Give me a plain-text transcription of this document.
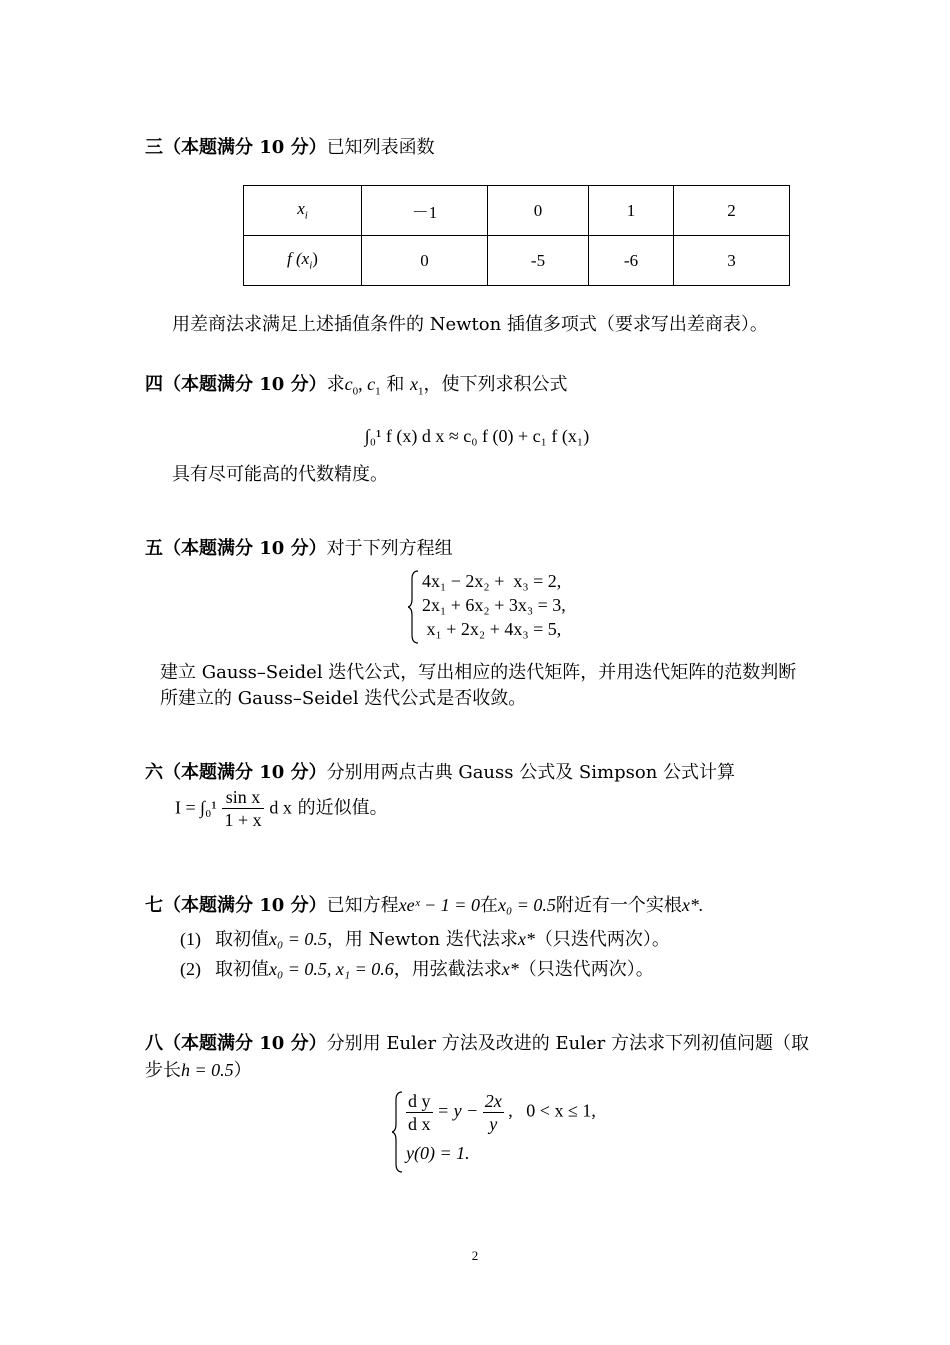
三（本题满分 10 分）已知列表函数
$x_i$	－1	0	1	2
f $(x_i)$	0	-5	-6	3
用差商法求满足上述插值条件的 Newton 插值多项式（要求写出差商表）。
四（本题满分 10 分）求$c_0$, $c_1$ 和 $x_1$，使下列求积公式
∫₀¹ f (x) d x ≈ c₀ f (0) + c₁ f (x₁)
具有尽可能高的代数精度。
五（本题满分 10 分）对于下列方程组
4x₁ − 2x₂ +  x₃ = 2,
2x₁ + 6x₂ + 3x₃ = 3,
x₁ + 2x₂ + 4x₃ = 5,
建立 Gauss–Seidel 迭代公式，写出相应的迭代矩阵，并用迭代矩阵的范数判断
所建立的 Gauss–Seidel 迭代公式是否收敛。
六（本题满分 10 分）分别用两点古典 Gauss 公式及 Simpson 公式计算
$I = \int_0^1 \frac{\text{sin x}}{1 + x}$ d x 的近似值。
七（本题满分 10 分）已知方程xeˣ − 1 = 0在x₀ = 0.5附近有一个实根x*.
(1) 取初值x₀ = 0.5，用 Newton 迭代法求x*（只迭代两次）。
(2) 取初值x₀ = 0.5, x₁ = 0.6，用弦截法求x*（只迭代两次）。
八（本题满分 10 分）分别用 Euler 方法及改进的 Euler 方法求下列初值问题（取
步长h = 0.5）
$\frac{\text{d y}}{\text{d x}} = y - \frac{2x}{y}$ ,   0 < x ≤ 1,
y(0) = 1.
2
